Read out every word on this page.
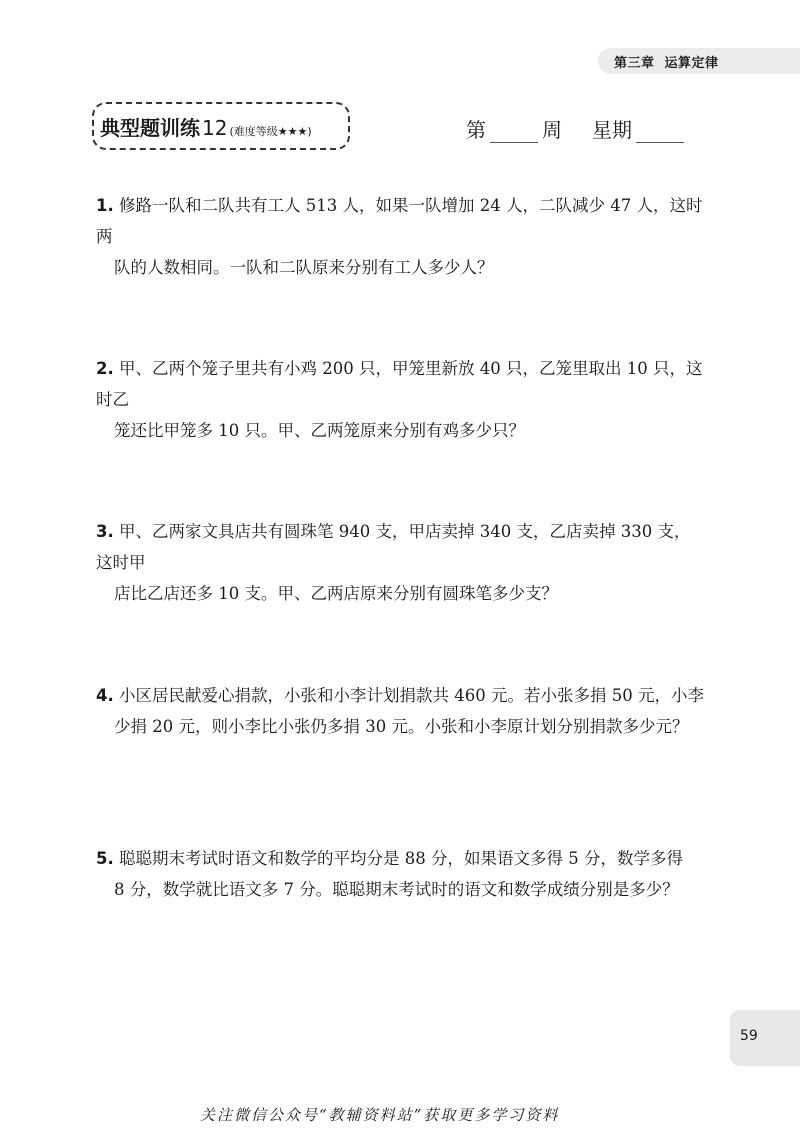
第三章 运算定律
典型题训练 12 (难度等级★★★)	第	周 星期
1. 修路一队和二队共有工人 513 人，如果一队增加 24 人，二队减少 47 人，这时两
队的人数相同。一队和二队原来分别有工人多少人？
2. 甲、乙两个笼子里共有小鸡 200 只，甲笼里新放 40 只，乙笼里取出 10 只，这时乙
笼还比甲笼多 10 只。甲、乙两笼原来分别有鸡多少只？
3. 甲、乙两家文具店共有圆珠笔 940 支，甲店卖掉 340 支，乙店卖掉 330 支，这时甲
店比乙店还多 10 支。甲、乙两店原来分别有圆珠笔多少支？
4. 小区居民献爱心捐款，小张和小李计划捐款共 460 元。若小张多捐 50 元，小李
少捐 20 元，则小李比小张仍多捐 30 元。小张和小李原计划分别捐款多少元？
5. 聪聪期末考试时语文和数学的平均分是 88 分，如果语文多得 5 分，数学多得
8 分，数学就比语文多 7 分。聪聪期末考试时的语文和数学成绩分别是多少？
59
关注微信公众号“教辅资料站”获取更多学习资料
